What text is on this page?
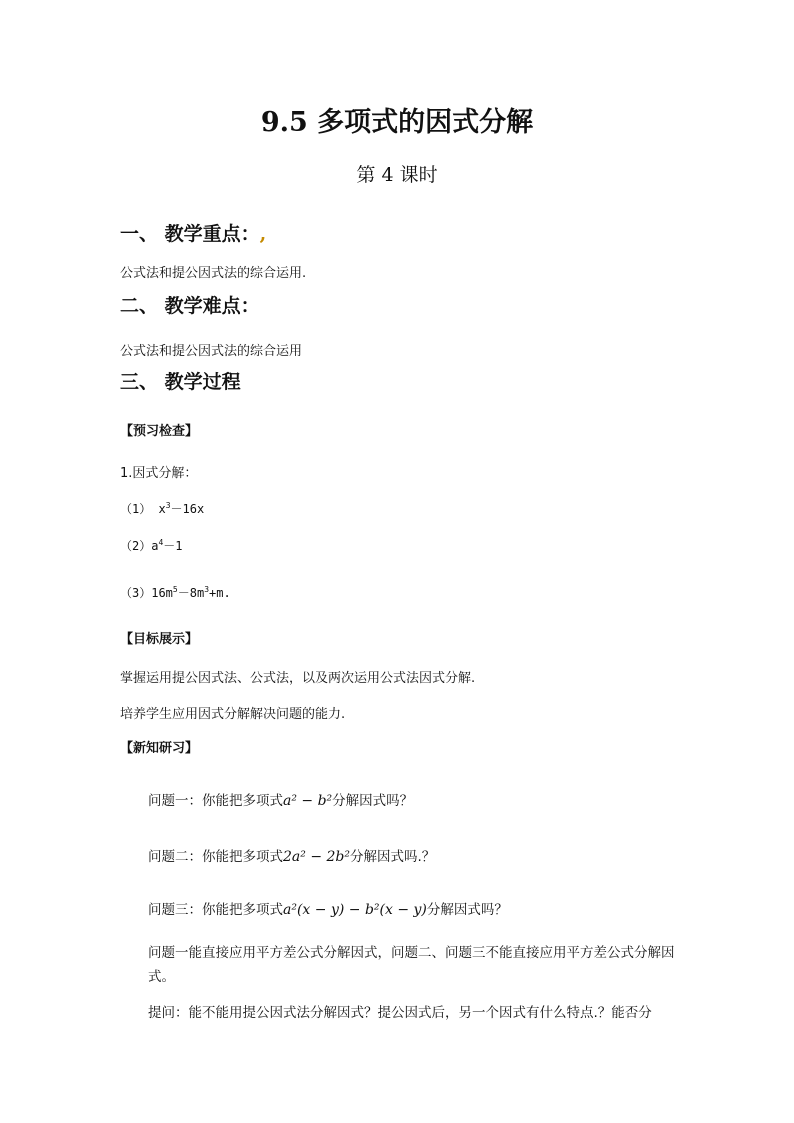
9.5 多项式的因式分解
第 4 课时
一、 教学重点：,
公式法和提公因式法的综合运用.
二、 教学难点：
公式法和提公因式法的综合运用
三、 教学过程
【预习检查】
1.因式分解：
（1） $x^3-16x$
$(2)a^4-1$
$(3)16m^5-8m^3+m$.
【目标展示】
掌握运用提公因式法、公式法，以及两次运用公式法因式分解.
培养学生应用因式分解解决问题的能力.
【新知研习】
问题一：你能把多项式a² − b²分解因式吗？
问题二：你能把多项式2a² − 2b²分解因式吗.？
问题三：你能把多项式a²(x − y) − b²(x − y)分解因式吗？
问题一能直接应用平方差公式分解因式，问题二、问题三不能直接应用平方差公式分解因式。
提问：能不能用提公因式法分解因式？提公因式后，另一个因式有什么特点.？能否分
